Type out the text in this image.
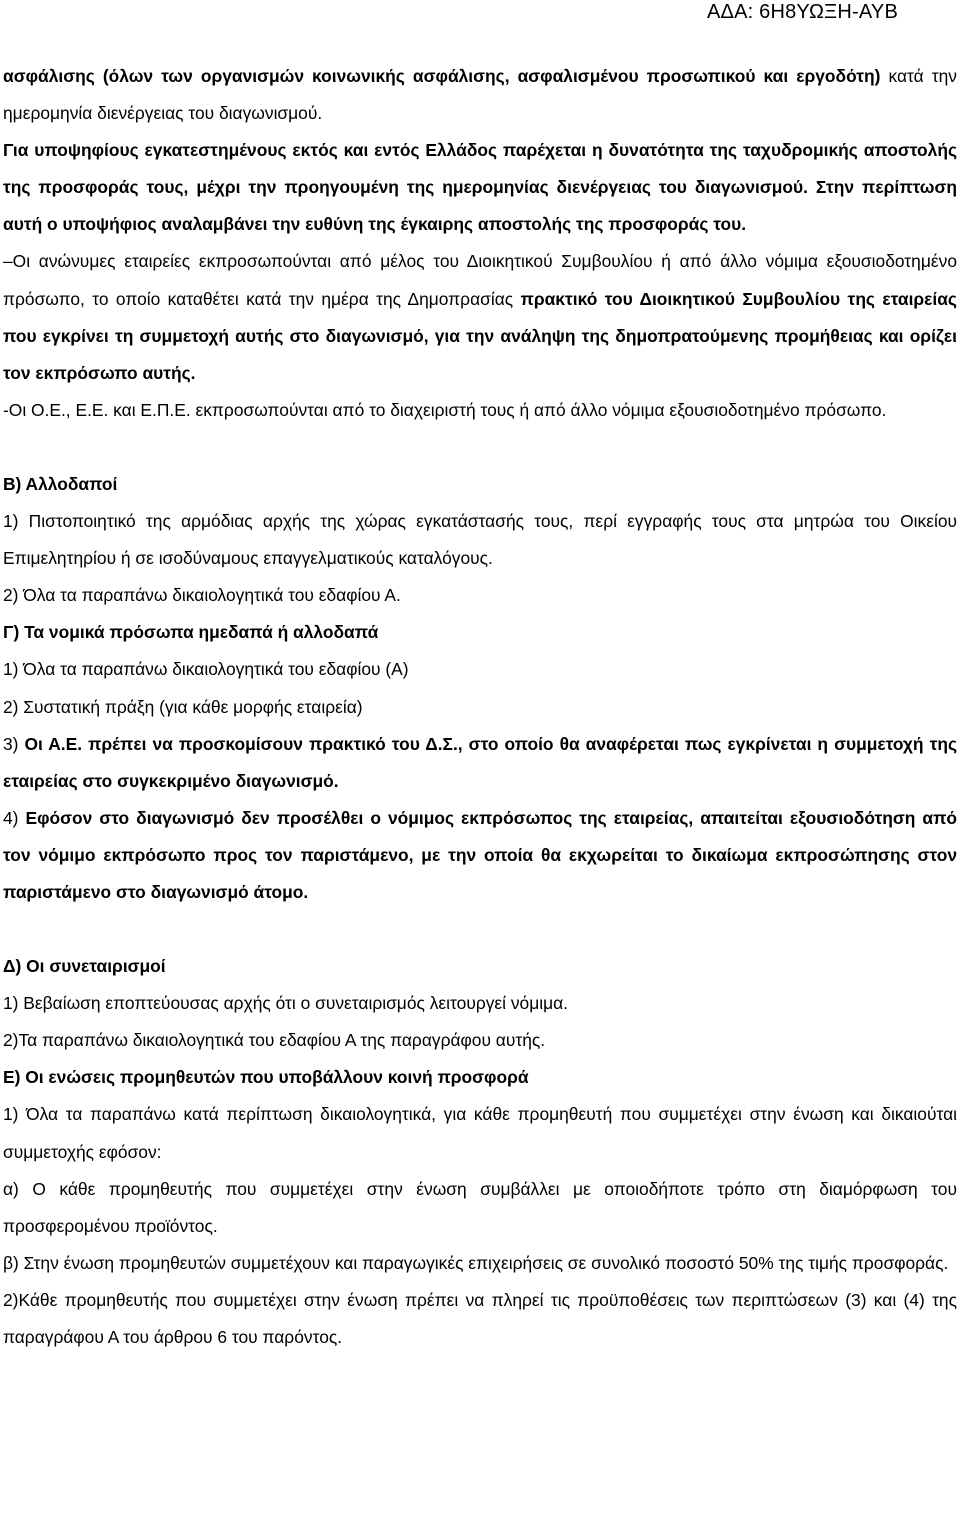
ΑΔΑ: 6Η8ΥΩΞΗ-ΑΥΒ

ασφάλισης (όλων των οργανισμών κοινωνικής ασφάλισης, ασφαλισμένου προσωπικού και εργοδότη) κατά την ημερομηνία διενέργειας του διαγωνισμού.

Για υποψηφίους εγκατεστημένους εκτός και εντός Ελλάδος παρέχεται η δυνατότητα της ταχυδρομικής αποστολής της προσφοράς τους, μέχρι την προηγουμένη της ημερομηνίας διενέργειας του διαγωνισμού. Στην περίπτωση αυτή ο υποψήφιος αναλαμβάνει την ευθύνη της έγκαιρης αποστολής της προσφοράς του.

–Οι ανώνυμες εταιρείες εκπροσωπούνται από μέλος του Διοικητικού Συμβουλίου ή από άλλο νόμιμα εξουσιοδοτημένο πρόσωπο, το οποίο καταθέτει κατά την ημέρα της Δημοπρασίας πρακτικό του Διοικητικού Συμβουλίου της εταιρείας που εγκρίνει τη συμμετοχή αυτής στο διαγωνισμό, για την ανάληψη της δημοπρατούμενης προμήθειας και ορίζει τον εκπρόσωπο αυτής.

-Οι Ο.Ε., Ε.Ε. και Ε.Π.Ε. εκπροσωπούνται από το διαχειριστή τους ή από άλλο νόμιμα εξουσιοδοτημένο πρόσωπο.

Β) Αλλοδαποί

1) Πιστοποιητικό της αρμόδιας αρχής της χώρας εγκατάστασής τους, περί εγγραφής τους στα μητρώα του Οικείου Επιμελητηρίου ή σε ισοδύναμους επαγγελματικούς καταλόγους.

2) Όλα τα παραπάνω δικαιολογητικά του εδαφίου Α.

Γ) Τα νομικά πρόσωπα ημεδαπά ή αλλοδαπά

1) Όλα τα παραπάνω δικαιολογητικά του εδαφίου (Α)

2) Συστατική πράξη (για κάθε μορφής εταιρεία)

3) Οι Α.Ε. πρέπει να προσκομίσουν πρακτικό του Δ.Σ., στο οποίο θα αναφέρεται πως εγκρίνεται η συμμετοχή της εταιρείας στο συγκεκριμένο διαγωνισμό.

4) Εφόσον στο διαγωνισμό δεν προσέλθει ο νόμιμος εκπρόσωπος της εταιρείας, απαιτείται εξουσιοδότηση από τον νόμιμο εκπρόσωπο προς τον παριστάμενο, με την οποία θα εκχωρείται το δικαίωμα εκπροσώπησης στον παριστάμενο στο διαγωνισμό άτομο.

Δ) Οι συνεταιρισμοί

1) Βεβαίωση εποπτεύουσας αρχής ότι ο συνεταιρισμός λειτουργεί νόμιμα.

2)Τα παραπάνω δικαιολογητικά του εδαφίου Α της παραγράφου αυτής.

Ε) Οι ενώσεις προμηθευτών που υποβάλλουν κοινή προσφορά

1) Όλα τα παραπάνω κατά περίπτωση δικαιολογητικά, για κάθε προμηθευτή που συμμετέχει στην ένωση και δικαιούται συμμετοχής εφόσον:

α) Ο κάθε προμηθευτής που συμμετέχει στην ένωση συμβάλλει με οποιοδήποτε τρόπο στη διαμόρφωση του προσφερομένου προϊόντος.

β) Στην ένωση προμηθευτών συμμετέχουν και παραγωγικές επιχειρήσεις σε συνολικό ποσοστό 50% της τιμής προσφοράς.

2)Κάθε προμηθευτής που συμμετέχει στην ένωση πρέπει να πληρεί τις προϋποθέσεις των περιπτώσεων (3) και (4) της παραγράφου Α του άρθρου 6 του παρόντος.
